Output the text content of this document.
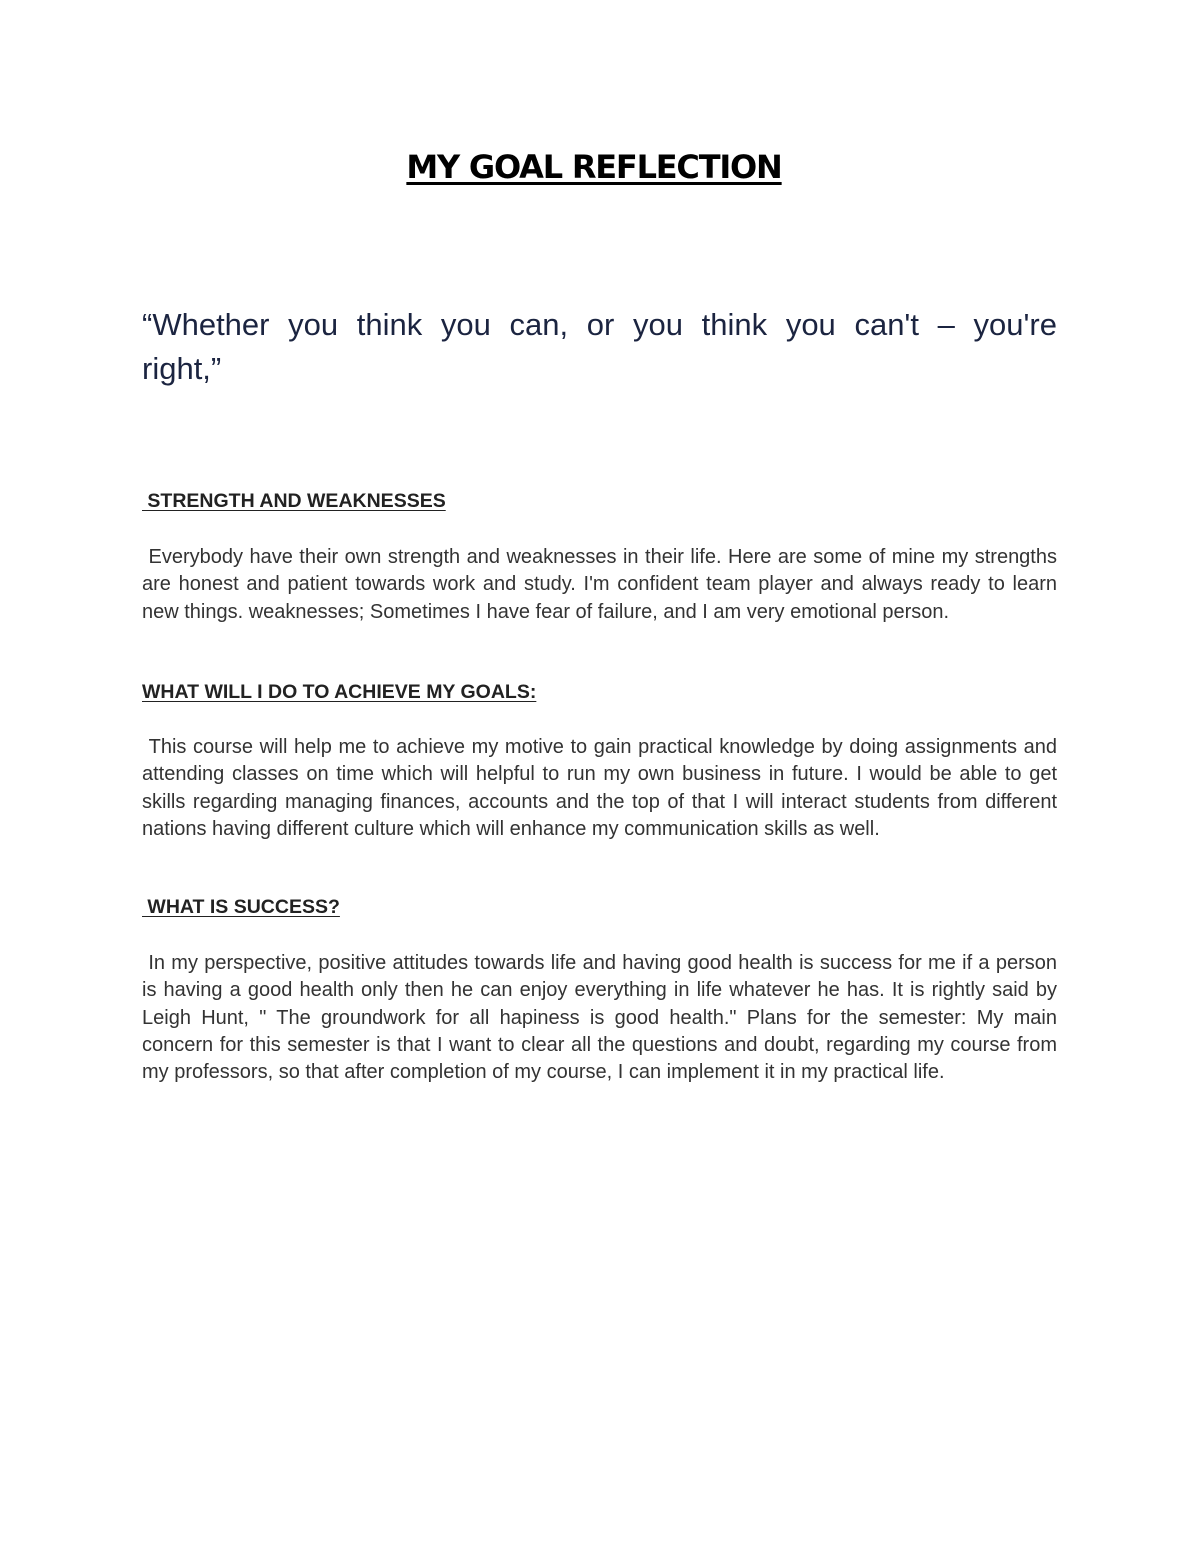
MY GOAL REFLECTION

“Whether you think you can, or you think you can't – you're right,”

STRENGTH AND WEAKNESSES

Everybody have their own strength and weaknesses in their life. Here are some of mine my strengths are honest and patient towards work and study. I'm confident team player and always ready to learn new things. weaknesses; Sometimes I have fear of failure, and I am very emotional person.

WHAT WILL I DO TO ACHIEVE MY GOALS:

This course will help me to achieve my motive to gain practical knowledge by doing assignments and attending classes on time which will helpful to run my own business in future. I would be able to get skills regarding managing finances, accounts and the top of that I will interact students from different nations having different culture which will enhance my communication skills as well.

WHAT IS SUCCESS?

In my perspective, positive attitudes towards life and having good health is success for me if a person is having a good health only then he can enjoy everything in life whatever he has. It is rightly said by Leigh Hunt, " The groundwork for all hapiness is good health." Plans for the semester: My main concern for this semester is that I want to clear all the questions and doubt, regarding my course from my professors, so that after completion of my course, I can implement it in my practical life.
